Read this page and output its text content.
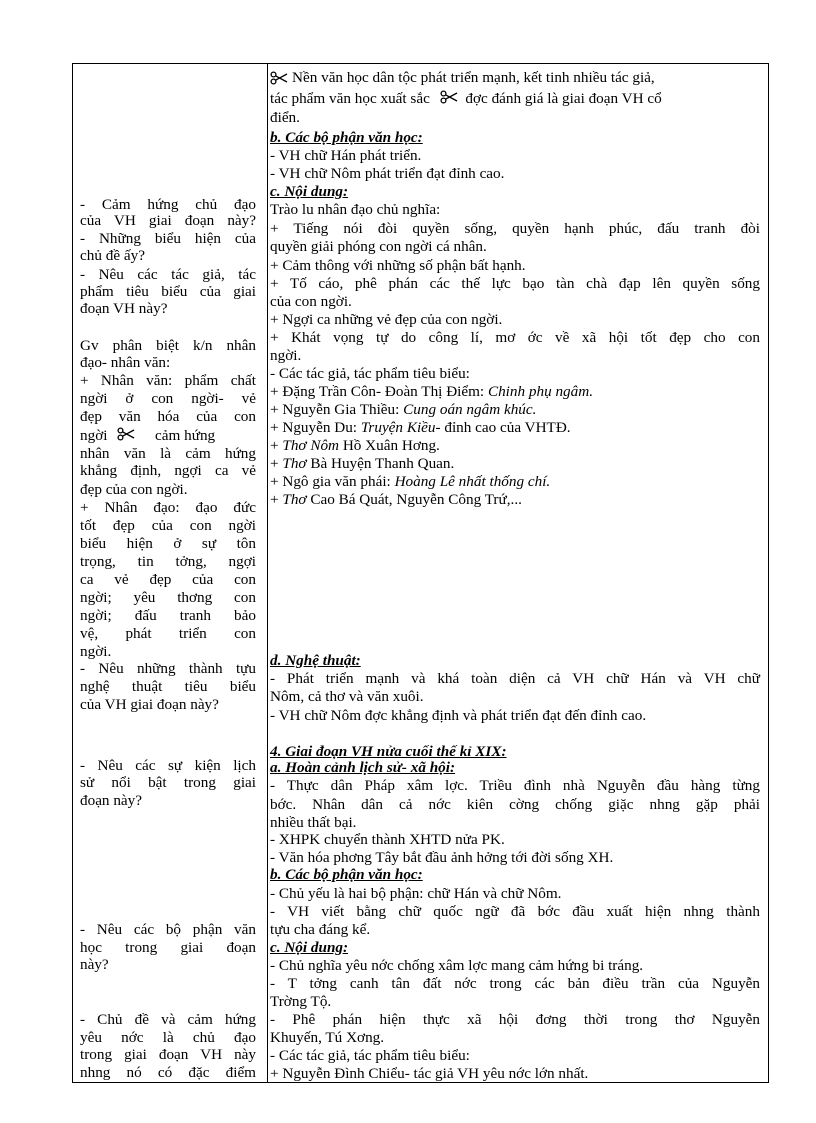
- Cảm hứng chủ đạo
của VH giai đoạn này?
- Những biểu hiện của
chủ đề ấy?
- Nêu các tác giả, tác
phẩm tiêu biểu của giai
đoạn VH này?
Gv phân biệt k/n nhân
đạo- nhân văn:
+ Nhân văn: phẩm chất
ngời ở con ngời- vẻ
đẹp văn hóa của con
ngời	cảm hứng
nhân văn là cảm hứng
khẳng định, ngợi ca vẻ
đẹp của con ngời.
+ Nhân đạo: đạo đức
tốt đẹp của con ngời
biểu hiện ở sự tôn
trọng, tin tởng, ngợi
ca vẻ đẹp của con
ngời; yêu thơng con
ngời; đấu tranh bảo
vệ, phát triển con
ngời.
- Nêu những thành tựu
nghệ thuật tiêu biểu
của VH giai đoạn này?
- Nêu các sự kiện lịch
sử nổi bật trong giai
đoạn này?
- Nêu các bộ phận văn
học trong giai đoạn
này?
- Chủ đề và cảm hứng
yêu nớc là chủ đạo
trong giai đoạn VH này
nhng nó có đặc điểm
Nền văn học dân tộc phát triển mạnh, kết tinh nhiều tác giả,
tác phẩm văn học xuất sắc đợc đánh giá là giai đoạn VH cổ
điển.
b. Các bộ phận văn học:
- VH chữ Hán phát triển.
- VH chữ Nôm phát triển đạt đỉnh cao.
c. Nội dung:
Trào lu nhân đạo chủ nghĩa:
+ Tiếng nói đòi quyền sống, quyền hạnh phúc, đấu tranh đòi
quyền giải phóng con ngời cá nhân.
+ Cảm thông với những số phận bất hạnh.
+ Tố cáo, phê phán các thế lực bạo tàn chà đạp lên quyền sống
của con ngời.
+ Ngợi ca những vẻ đẹp của con ngời.
+ Khát vọng tự do công lí, mơ ớc về xã hội tốt đẹp cho con
ngời.
- Các tác giả, tác phẩm tiêu biểu:
+ Đặng Trần Côn- Đoàn Thị Điểm: Chinh phụ ngâm.
+ Nguyễn Gia Thiều: Cung oán ngâm khúc.
+ Nguyễn Du: Truyện Kiều- đỉnh cao của VHTĐ.
+ Thơ Nôm Hồ Xuân Hơng.
+ Thơ Bà Huyện Thanh Quan.
+ Ngô gia văn phái: Hoàng Lê nhất thống chí.
+ Thơ Cao Bá Quát, Nguyễn Công Trứ,...
d. Nghệ thuật:
- Phát triển mạnh và khá toàn diện cả VH chữ Hán và VH chữ
Nôm, cả thơ và văn xuôi.
- VH chữ Nôm đợc khẳng định và phát triển đạt đến đỉnh cao.
4. Giai đoạn VH nửa cuối thế kỉ XIX:
a. Hoàn cảnh lịch sử- xã hội:
- Thực dân Pháp xâm lợc. Triều đình nhà Nguyễn đầu hàng từng
bớc. Nhân dân cả nớc kiên cờng chống giặc nhng gặp phải
nhiều thất bại.
- XHPK chuyển thành XHTD nửa PK.
- Văn hóa phơng Tây bắt đầu ảnh hởng tới đời sống XH.
b. Các bộ phận văn học:
- Chủ yếu là hai bộ phận: chữ Hán và chữ Nôm.
- VH viết bằng chữ quốc ngữ đã bớc đầu xuất hiện nhng thành
tựu cha đáng kể.
c. Nội dung:
- Chủ nghĩa yêu nớc chống xâm lợc mang cảm hứng bi tráng.
- T tởng canh tân đất nớc trong các bản điều trần của Nguyễn
Trờng Tộ.
- Phê phán hiện thực xã hội đơng thời trong thơ Nguyễn
Khuyến, Tú Xơng.
- Các tác giả, tác phẩm tiêu biểu:
+ Nguyễn Đình Chiểu- tác giả VH yêu nớc lớn nhất.
